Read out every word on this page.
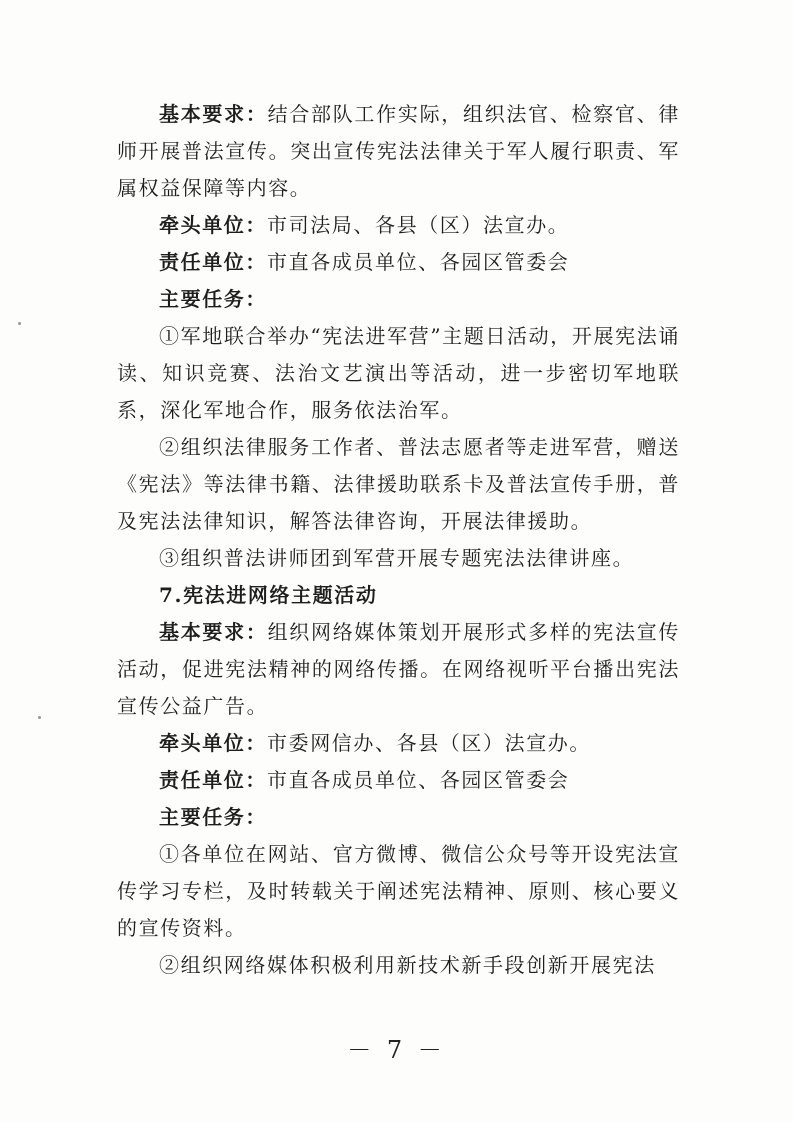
基本要求：结合部队工作实际，组织法官、检察官、律师开展普法宣传。突出宣传宪法法律关于军人履行职责、军属权益保障等内容。

牵头单位：市司法局、各县（区）法宣办。

责任单位：市直各成员单位、各园区管委会

主要任务：

①军地联合举办“宪法进军营”主题日活动，开展宪法诵读、知识竞赛、法治文艺演出等活动，进一步密切军地联系，深化军地合作，服务依法治军。

②组织法律服务工作者、普法志愿者等走进军营，赠送《宪法》等法律书籍、法律援助联系卡及普法宣传手册，普及宪法法律知识，解答法律咨询，开展法律援助。

③组织普法讲师团到军营开展专题宪法法律讲座。

7.宪法进网络主题活动

基本要求：组织网络媒体策划开展形式多样的宪法宣传活动，促进宪法精神的网络传播。在网络视听平台播出宪法宣传公益广告。

牵头单位：市委网信办、各县（区）法宣办。

责任单位：市直各成员单位、各园区管委会

主要任务：

①各单位在网站、官方微博、微信公众号等开设宪法宣传学习专栏，及时转载关于阐述宪法精神、原则、核心要义的宣传资料。

②组织网络媒体积极利用新技术新手段创新开展宪法

－ 7 －
